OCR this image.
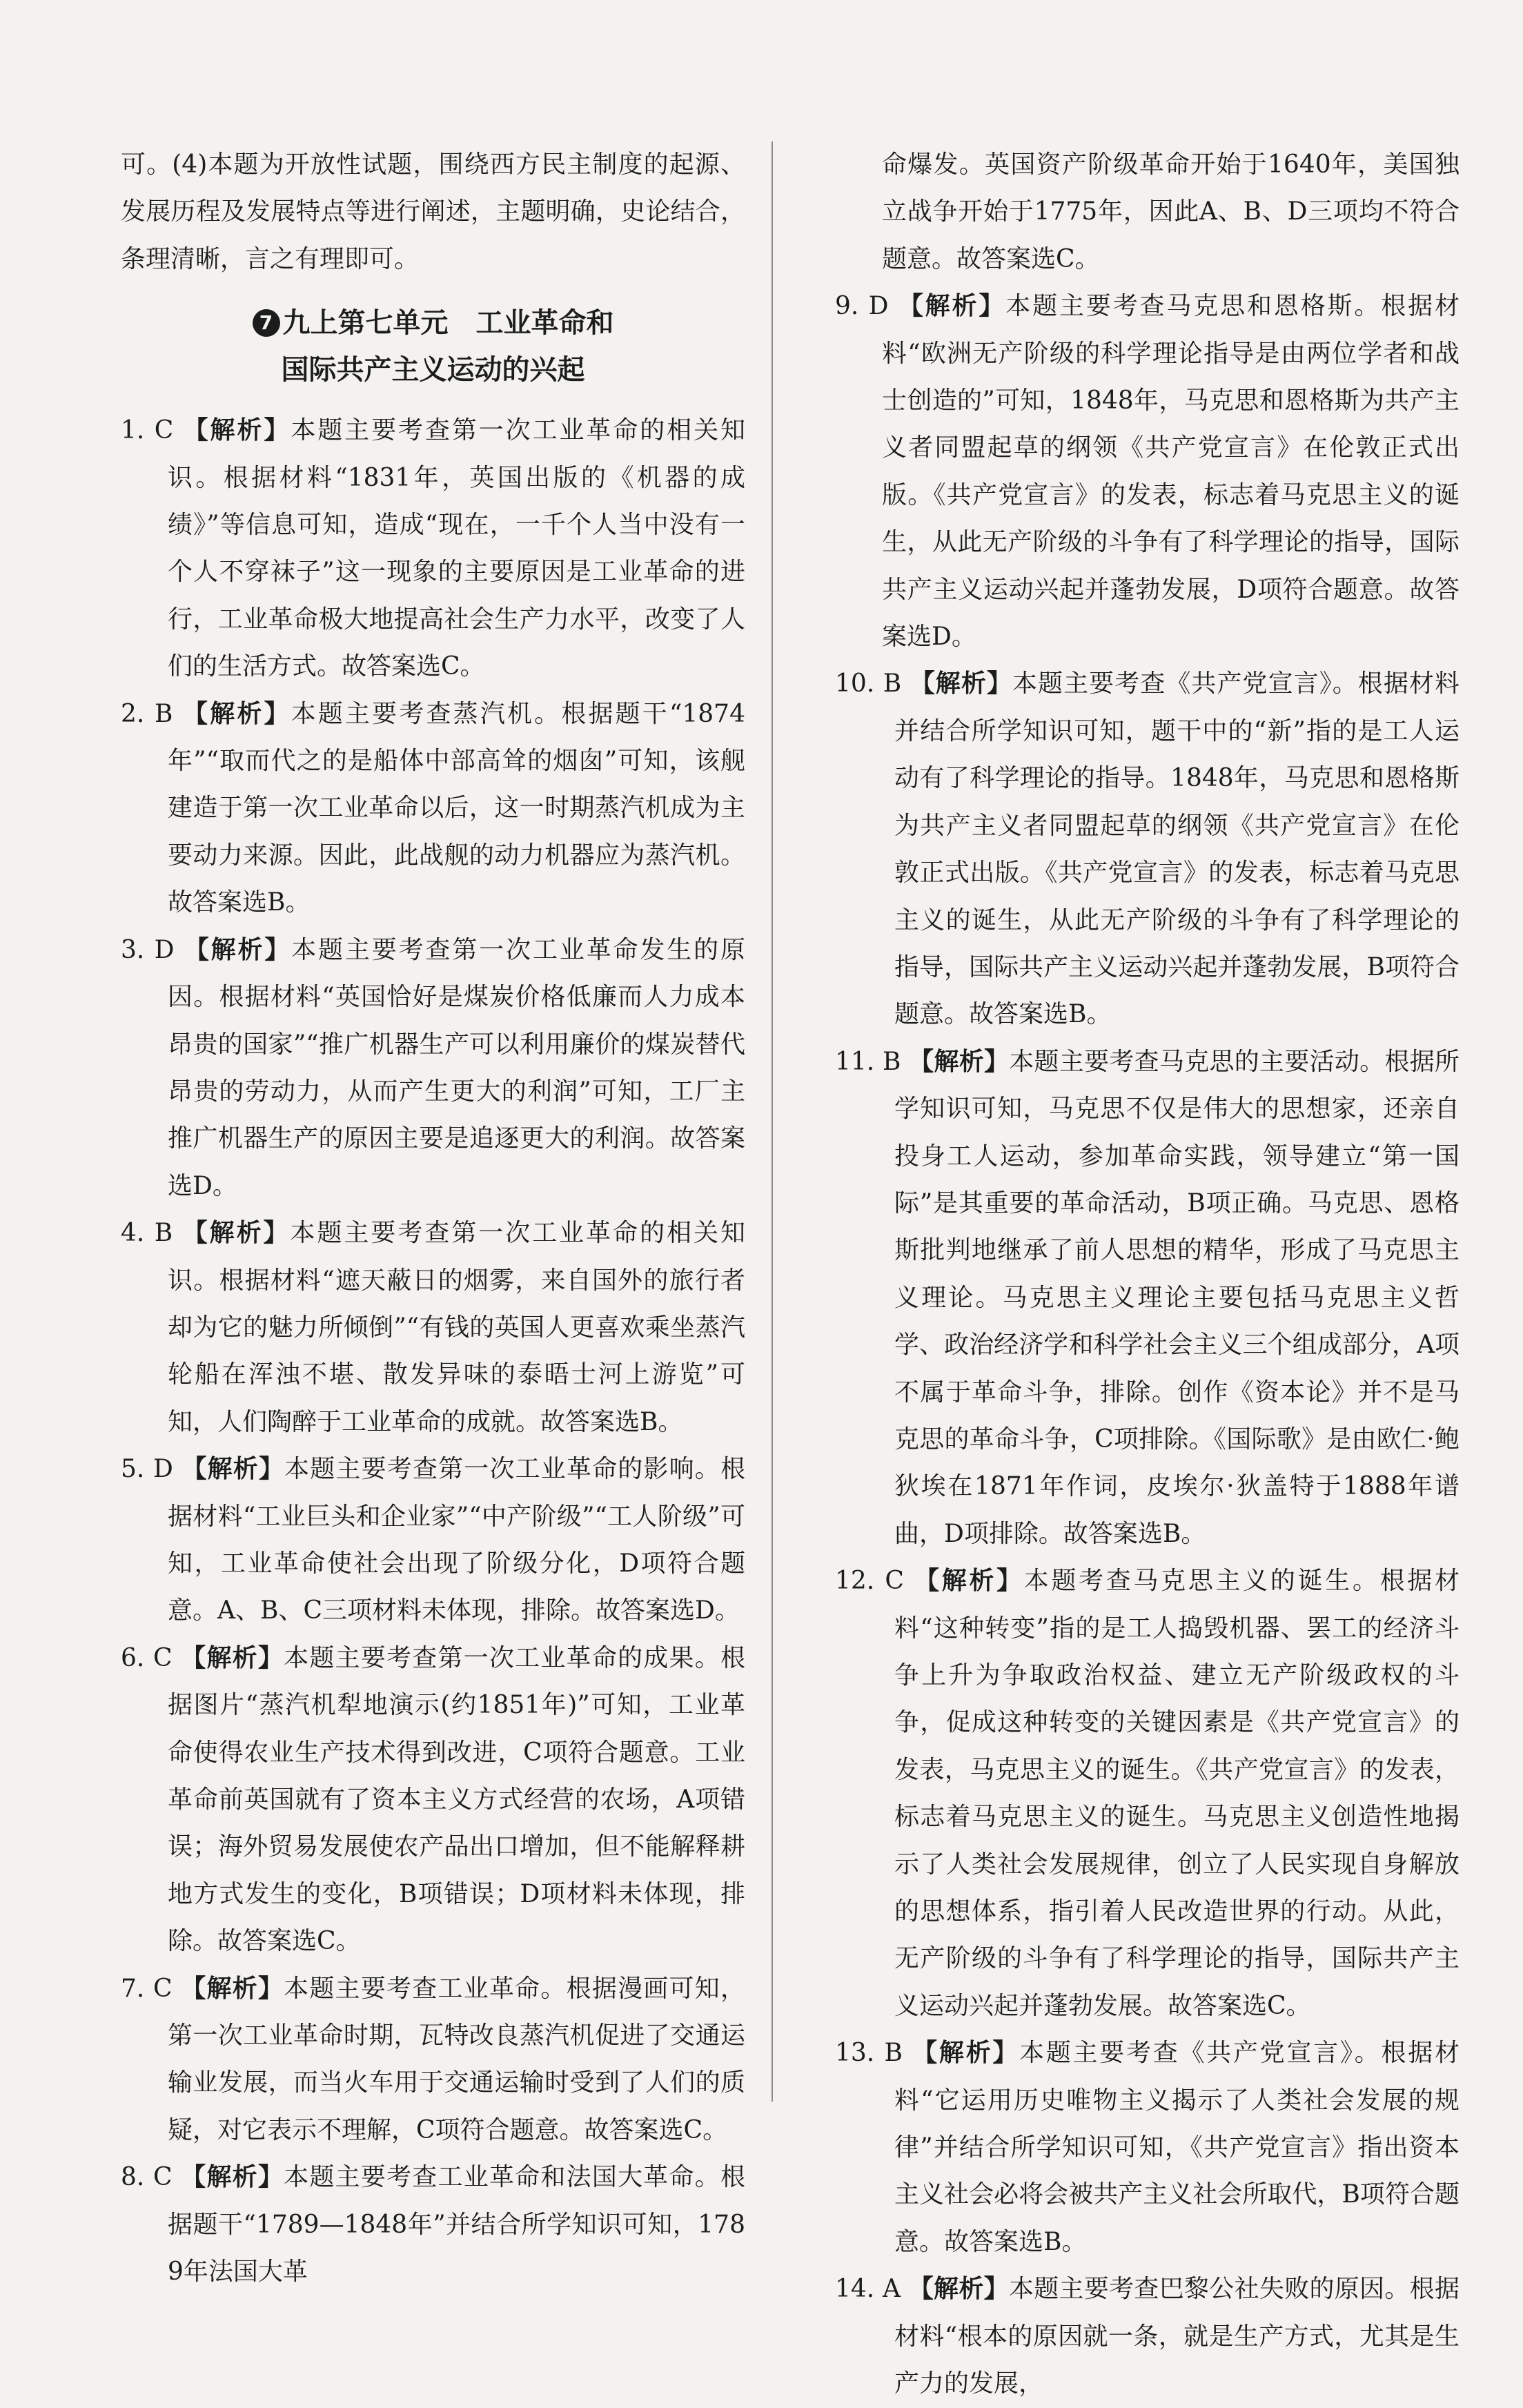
可。(4)本题为开放性试题，围绕西方民主制度的起源、发展历程及发展特点等进行阐述，主题明确，史论结合，条理清晰，言之有理即可。

7 九上第七单元　工业革命和
国际共产主义运动的兴起

1. C 【解析】本题主要考查第一次工业革命的相关知识。根据材料“1831年，英国出版的《机器的成绩》”等信息可知，造成“现在，一千个人当中没有一个人不穿袜子”这一现象的主要原因是工业革命的进行，工业革命极大地提高社会生产力水平，改变了人们的生活方式。故答案选C。

2. B 【解析】本题主要考查蒸汽机。根据题干“1874年”“取而代之的是船体中部高耸的烟囱”可知，该舰建造于第一次工业革命以后，这一时期蒸汽机成为主要动力来源。因此，此战舰的动力机器应为蒸汽机。故答案选B。

3. D 【解析】本题主要考查第一次工业革命发生的原因。根据材料“英国恰好是煤炭价格低廉而人力成本昂贵的国家”“推广机器生产可以利用廉价的煤炭替代昂贵的劳动力，从而产生更大的利润”可知，工厂主推广机器生产的原因主要是追逐更大的利润。故答案选D。

4. B 【解析】本题主要考查第一次工业革命的相关知识。根据材料“遮天蔽日的烟雾，来自国外的旅行者却为它的魅力所倾倒”“有钱的英国人更喜欢乘坐蒸汽轮船在浑浊不堪、散发异味的泰晤士河上游览”可知，人们陶醉于工业革命的成就。故答案选B。

5. D 【解析】本题主要考查第一次工业革命的影响。根据材料“工业巨头和企业家”“中产阶级”“工人阶级”可知，工业革命使社会出现了阶级分化，D项符合题意。A、B、C三项材料未体现，排除。故答案选D。

6. C 【解析】本题主要考查第一次工业革命的成果。根据图片“蒸汽机犁地演示(约1851年)”可知，工业革命使得农业生产技术得到改进，C项符合题意。工业革命前英国就有了资本主义方式经营的农场，A项错误；海外贸易发展使农产品出口增加，但不能解释耕地方式发生的变化，B项错误；D项材料未体现，排除。故答案选C。

7. C 【解析】本题主要考查工业革命。根据漫画可知，第一次工业革命时期，瓦特改良蒸汽机促进了交通运输业发展，而当火车用于交通运输时受到了人们的质疑，对它表示不理解，C项符合题意。故答案选C。

8. C 【解析】本题主要考查工业革命和法国大革命。根据题干“1789—1848年”并结合所学知识可知，1789年法国大革

命爆发。英国资产阶级革命开始于1640年，美国独立战争开始于1775年，因此A、B、D三项均不符合题意。故答案选C。

9. D 【解析】本题主要考查马克思和恩格斯。根据材料“欧洲无产阶级的科学理论指导是由两位学者和战士创造的”可知，1848年，马克思和恩格斯为共产主义者同盟起草的纲领《共产党宣言》在伦敦正式出版。《共产党宣言》的发表，标志着马克思主义的诞生，从此无产阶级的斗争有了科学理论的指导，国际共产主义运动兴起并蓬勃发展，D项符合题意。故答案选D。

10. B 【解析】本题主要考查《共产党宣言》。根据材料并结合所学知识可知，题干中的“新”指的是工人运动有了科学理论的指导。1848年，马克思和恩格斯为共产主义者同盟起草的纲领《共产党宣言》在伦敦正式出版。《共产党宣言》的发表，标志着马克思主义的诞生，从此无产阶级的斗争有了科学理论的指导，国际共产主义运动兴起并蓬勃发展，B项符合题意。故答案选B。

11. B 【解析】本题主要考查马克思的主要活动。根据所学知识可知，马克思不仅是伟大的思想家，还亲自投身工人运动，参加革命实践，领导建立“第一国际”是其重要的革命活动，B项正确。马克思、恩格斯批判地继承了前人思想的精华，形成了马克思主义理论。马克思主义理论主要包括马克思主义哲学、政治经济学和科学社会主义三个组成部分，A项不属于革命斗争，排除。创作《资本论》并不是马克思的革命斗争，C项排除。《国际歌》是由欧仁·鲍狄埃在1871年作词，皮埃尔·狄盖特于1888年谱曲，D项排除。故答案选B。

12. C 【解析】本题考查马克思主义的诞生。根据材料“这种转变”指的是工人捣毁机器、罢工的经济斗争上升为争取政治权益、建立无产阶级政权的斗争，促成这种转变的关键因素是《共产党宣言》的发表，马克思主义的诞生。《共产党宣言》的发表，标志着马克思主义的诞生。马克思主义创造性地揭示了人类社会发展规律，创立了人民实现自身解放的思想体系，指引着人民改造世界的行动。从此，无产阶级的斗争有了科学理论的指导，国际共产主义运动兴起并蓬勃发展。故答案选C。

13. B 【解析】本题主要考查《共产党宣言》。根据材料“它运用历史唯物主义揭示了人类社会发展的规律”并结合所学知识可知，《共产党宣言》指出资本主义社会必将会被共产主义社会所取代，B项符合题意。故答案选B。

14. A 【解析】本题主要考查巴黎公社失败的原因。根据材料“根本的原因就一条，就是生产方式，尤其是生产力的发展，
